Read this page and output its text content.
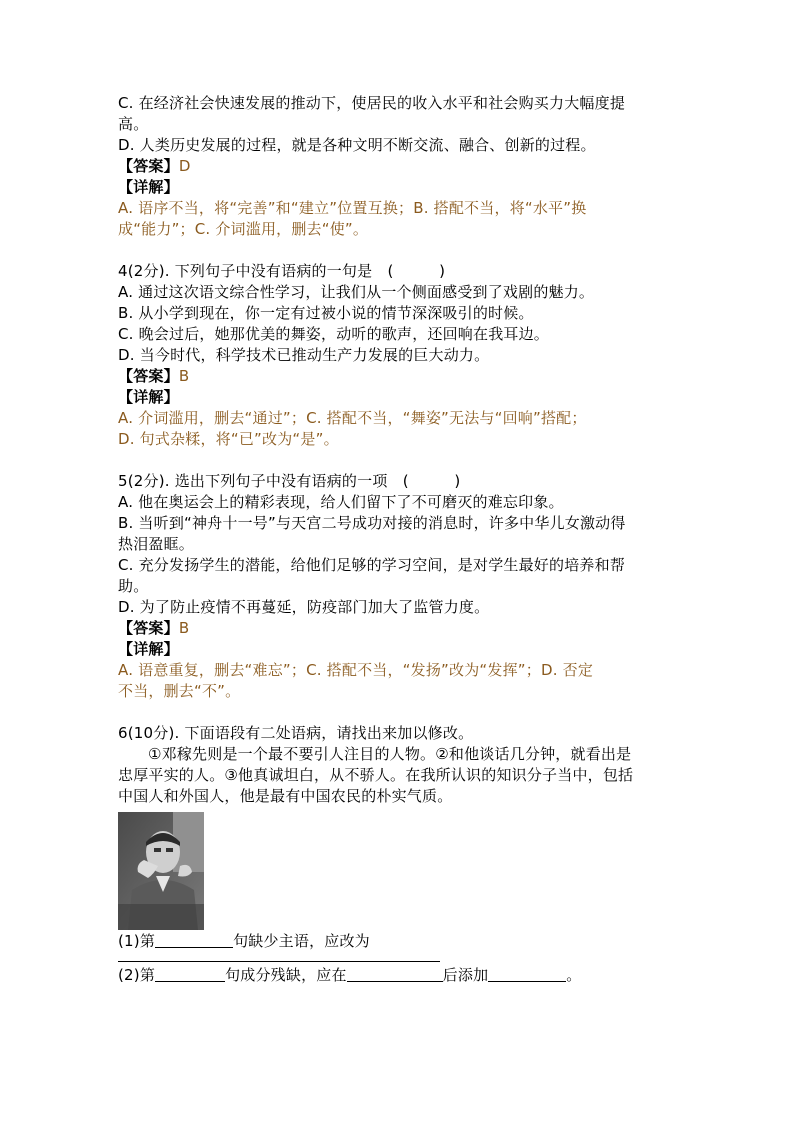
C. 在经济社会快速发展的推动下，使居民的收入水平和社会购买力大幅度提
高。
D. 人类历史发展的过程，就是各种文明不断交流、融合、创新的过程。
【答案】D
【详解】
A. 语序不当，将“完善”和“建立”位置互换；B. 搭配不当，将“水平”换
成“能力”；C. 介词滥用，删去“使”。
4(2分). 下列句子中没有语病的一句是　(　　　)
A. 通过这次语文综合性学习，让我们从一个侧面感受到了戏剧的魅力。
B. 从小学到现在，你一定有过被小说的情节深深吸引的时候。
C. 晚会过后，她那优美的舞姿，动听的歌声，还回响在我耳边。
D. 当今时代，科学技术已推动生产力发展的巨大动力。
【答案】B
【详解】
A. 介词滥用，删去“通过”；C. 搭配不当，“舞姿”无法与“回响”搭配；
D. 句式杂糅，将“已”改为“是”。
5(2分). 选出下列句子中没有语病的一项　(　　　)
A. 他在奥运会上的精彩表现，给人们留下了不可磨灭的难忘印象。
B. 当听到“神舟十一号”与天宫二号成功对接的消息时，许多中华儿女激动得
热泪盈眶。
C. 充分发扬学生的潜能，给他们足够的学习空间，是对学生最好的培养和帮
助。
D. 为了防止疫情不再蔓延，防疫部门加大了监管力度。
【答案】B
【详解】
A. 语意重复，删去“难忘”；C. 搭配不当，“发扬”改为“发挥”；D. 否定
不当，删去“不”。
6(10分). 下面语段有二处语病，请找出来加以修改。
①邓稼先则是一个最不要引人注目的人物。②和他谈话几分钟，就看出是
忠厚平实的人。③他真诚坦白，从不骄人。在我所认识的知识分子当中，包括
中国人和外国人，他是最有中国农民的朴实气质。
(1)第	句缺少主语，应改为
(2)第	句成分残缺，应在	后添加	。
